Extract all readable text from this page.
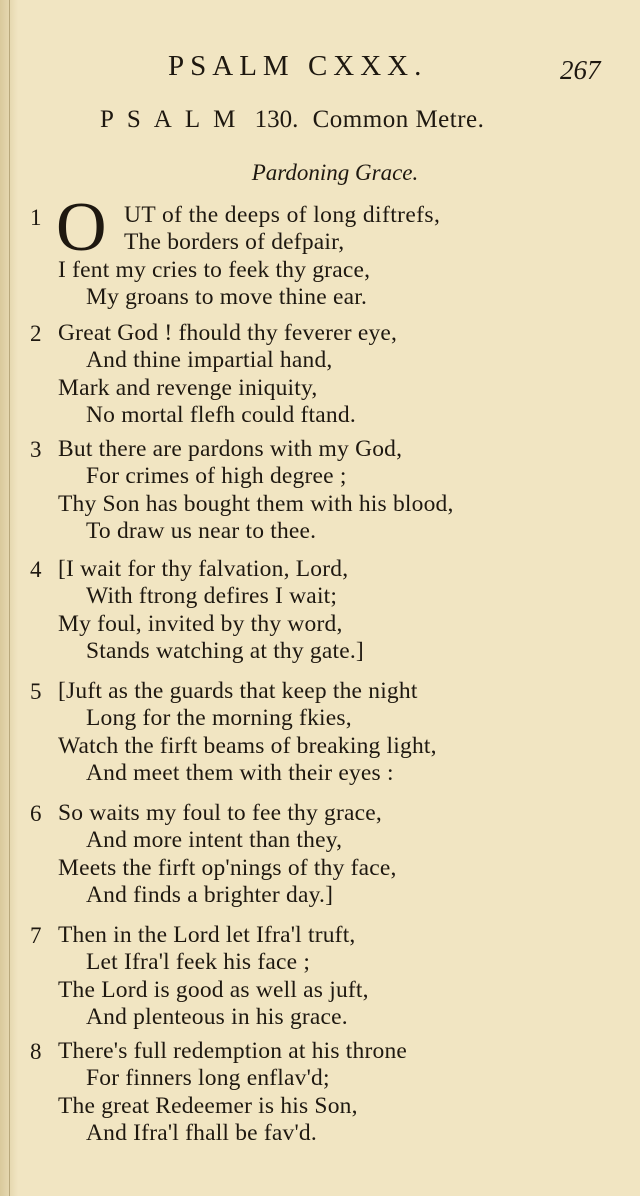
PSALM CXXX.	267
PSALM 130. Common Metre.
Pardoning Grace.
O
1	UT of the deeps of long diftrefs,
The borders of defpair,
I fent my cries to feek thy grace,
My groans to move thine ear.
2 Great God ! fhould thy feverer eye,
And thine impartial hand,
Mark and revenge iniquity,
No mortal flefh could ftand.
3 But there are pardons with my God,
For crimes of high degree ;
Thy Son has bought them with his blood,
To draw us near to thee.
4 [I wait for thy falvation, Lord,
With ftrong defires I wait;
My foul, invited by thy word,
Stands watching at thy gate.]
5 [Juft as the guards that keep the night
Long for the morning fkies,
Watch the firft beams of breaking light,
And meet them with their eyes :
6 So waits my foul to fee thy grace,
And more intent than they,
Meets the firft op'nings of thy face,
And finds a brighter day.]
7 Then in the Lord let Ifra'l truft,
Let Ifra'l feek his face ;
The Lord is good as well as juft,
And plenteous in his grace.
8 There's full redemption at his throne
For finners long enflav'd;
The great Redeemer is his Son,
And Ifra'l fhall be fav'd.
